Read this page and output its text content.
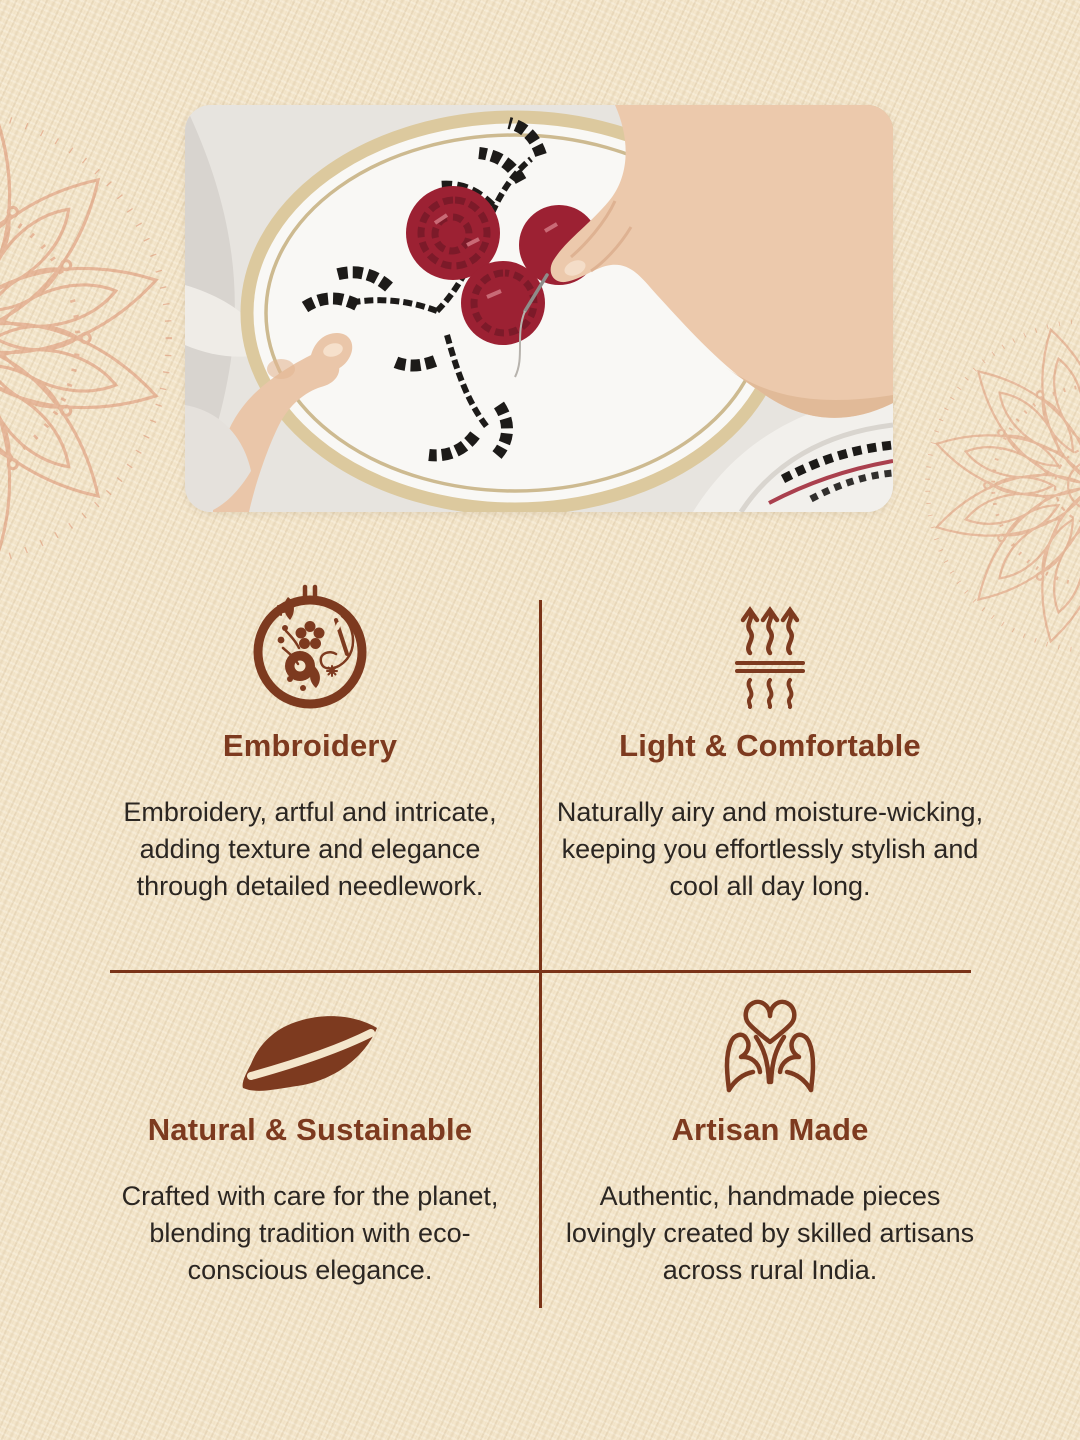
Embroidery

Embroidery, artful and intricate, adding texture and elegance through detailed needlework.

Light & Comfortable

Naturally airy and moisture-wicking, keeping you effortlessly stylish and cool all day long.

Natural & Sustainable

Crafted with care for the planet, blending tradition with eco-conscious elegance.

Artisan Made

Authentic, handmade pieces lovingly created by skilled artisans across rural India.
